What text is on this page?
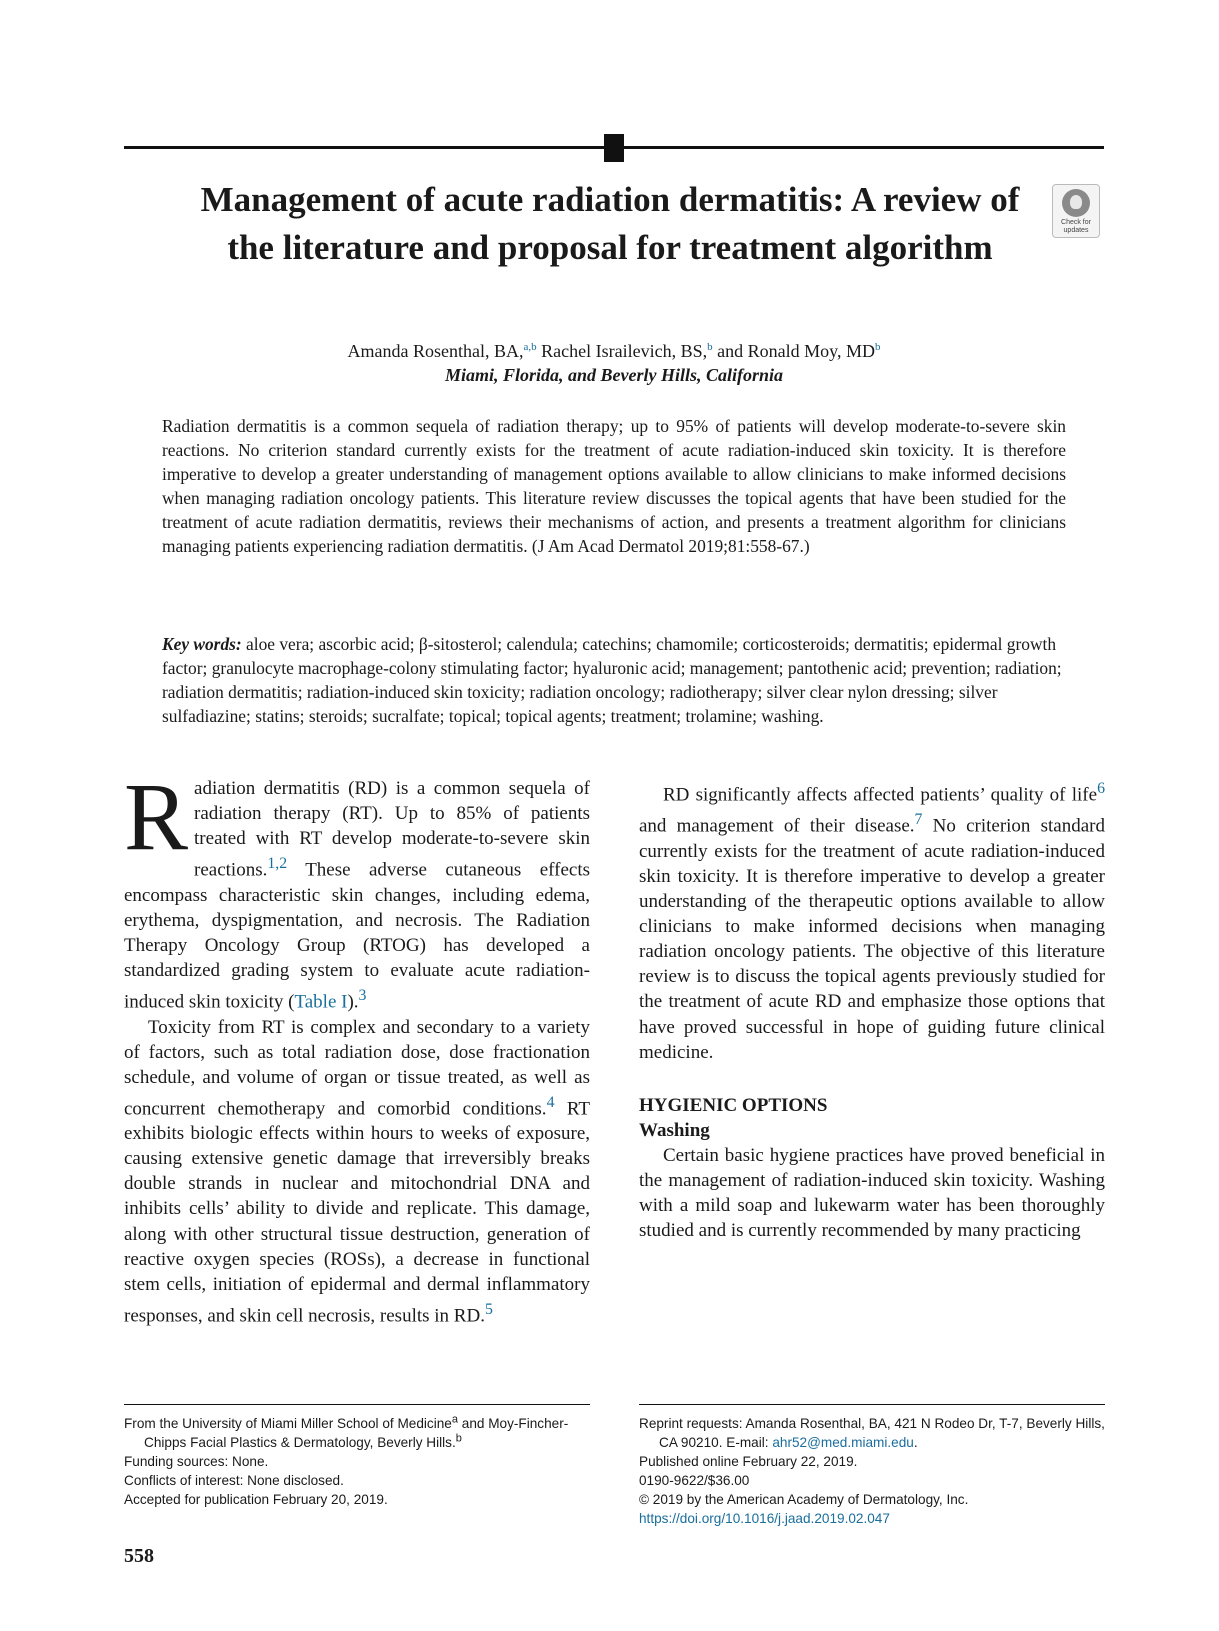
Management of acute radiation dermatitis: A review of the literature and proposal for treatment algorithm
Check for updates
Amanda Rosenthal, BA,$^{a,b}$ Rachel Israilevich, BS,$^b$ and Ronald Moy, MD$^b$
Miami, Florida, and Beverly Hills, California

Radiation dermatitis is a common sequela of radiation therapy; up to 95% of patients will develop moderate-to-severe skin reactions. No criterion standard currently exists for the treatment of acute radiation-induced skin toxicity. It is therefore imperative to develop a greater understanding of management options available to allow clinicians to make informed decisions when managing radiation oncology patients. This literature review discusses the topical agents that have been studied for the treatment of acute radiation dermatitis, reviews their mechanisms of action, and presents a treatment algorithm for clinicians managing patients experiencing radiation dermatitis. (J Am Acad Dermatol 2019;81:558-67.)

Key words: aloe vera; ascorbic acid; β-sitosterol; calendula; catechins; chamomile; corticosteroids; dermatitis; epidermal growth factor; granulocyte macrophage-colony stimulating factor; hyaluronic acid; management; pantothenic acid; prevention; radiation; radiation dermatitis; radiation-induced skin toxicity; radiation oncology; radiotherapy; silver clear nylon dressing; silver sulfadiazine; statins; steroids; sucralfate; topical; topical agents; treatment; trolamine; washing.

Radiation dermatitis (RD) is a common sequela of radiation therapy (RT). Up to 85% of patients treated with RT develop moderate-to-severe skin reactions.$^{1,2}$ These adverse cutaneous effects encompass characteristic skin changes, including edema, erythema, dyspigmentation, and necrosis. The Radiation Therapy Oncology Group (RTOG) has developed a standardized grading system to evaluate acute radiation-induced skin toxicity (Table I).$^3$

Toxicity from RT is complex and secondary to a variety of factors, such as total radiation dose, dose fractionation schedule, and volume of organ or tissue treated, as well as concurrent chemotherapy and comorbid conditions.$^4$ RT exhibits biologic effects within hours to weeks of exposure, causing extensive genetic damage that irreversibly breaks double strands in nuclear and mitochondrial DNA and inhibits cells’ ability to divide and replicate. This damage, along with other structural tissue destruction, generation of reactive oxygen species (ROSs), a decrease in functional stem cells, initiation of epidermal and dermal inflammatory responses, and skin cell necrosis, results in RD.$^5$

RD significantly affects affected patients’ quality of life$^6$ and management of their disease.$^7$ No criterion standard currently exists for the treatment of acute radiation-induced skin toxicity. It is therefore imperative to develop a greater understanding of the therapeutic options available to allow clinicians to make informed decisions when managing radiation oncology patients. The objective of this literature review is to discuss the topical agents previously studied for the treatment of acute RD and emphasize those options that have proved successful in hope of guiding future clinical medicine.

HYGIENIC OPTIONS
Washing

Certain basic hygiene practices have proved beneficial in the management of radiation-induced skin toxicity. Washing with a mild soap and lukewarm water has been thoroughly studied and is currently recommended by many practicing

From the University of Miami Miller School of Medicine$^a$ and Moy-Fincher-Chipps Facial Plastics & Dermatology, Beverly Hills.$^b$

Funding sources: None.

Conflicts of interest: None disclosed.

Accepted for publication February 20, 2019.

Reprint requests: Amanda Rosenthal, BA, 421 N Rodeo Dr, T-7, Beverly Hills, CA 90210. E-mail: ahr52@med.miami.edu.

Published online February 22, 2019.

0190-9622/$36.00

© 2019 by the American Academy of Dermatology, Inc.

https://doi.org/10.1016/j.jaad.2019.02.047

558
